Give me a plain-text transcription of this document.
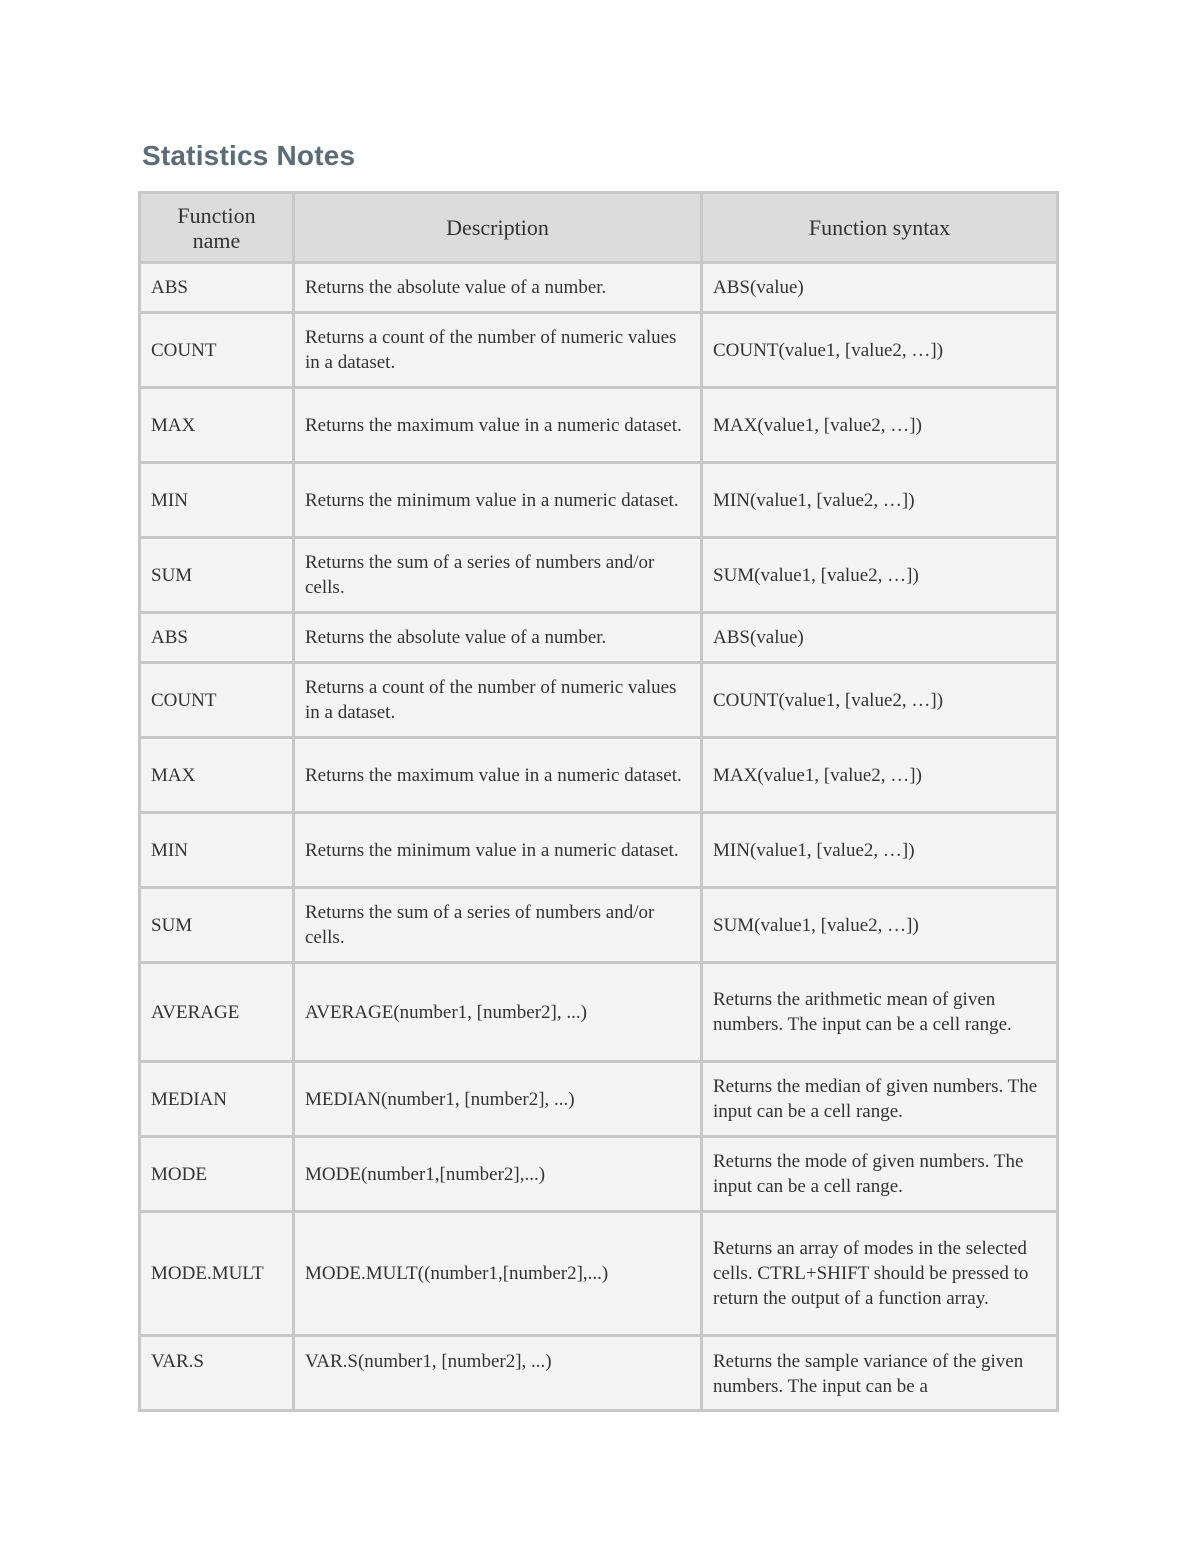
Statistics Notes
Function name	Description	Function syntax
ABS	Returns the absolute value of a number.	ABS(value)
COUNT	Returns a count of the number of numeric values in a dataset.	COUNT(value1, [value2, …])
MAX	Returns the maximum value in a numeric dataset.	MAX(value1, [value2, …])
MIN	Returns the minimum value in a numeric dataset.	MIN(value1, [value2, …])
SUM	Returns the sum of a series of numbers and/or cells.	SUM(value1, [value2, …])
ABS	Returns the absolute value of a number.	ABS(value)
COUNT	Returns a count of the number of numeric values in a dataset.	COUNT(value1, [value2, …])
MAX	Returns the maximum value in a numeric dataset.	MAX(value1, [value2, …])
MIN	Returns the minimum value in a numeric dataset.	MIN(value1, [value2, …])
SUM	Returns the sum of a series of numbers and/or cells.	SUM(value1, [value2, …])
AVERAGE	AVERAGE(number1, [number2], ...)	Returns the arithmetic mean of given numbers. The input can be a cell range.
MEDIAN	MEDIAN(number1, [number2], ...)	Returns the median of given numbers. The input can be a cell range.
MODE	MODE(number1,[number2],...)	Returns the mode of given numbers. The input can be a cell range.
MODE.MULT	MODE.MULT((number1,[number2],...)	Returns an array of modes in the selected cells. CTRL+SHIFT should be pressed to return the output of a function array.
VAR.S	VAR.S(number1, [number2], ...)	Returns the sample variance of the given numbers. The input can be a
